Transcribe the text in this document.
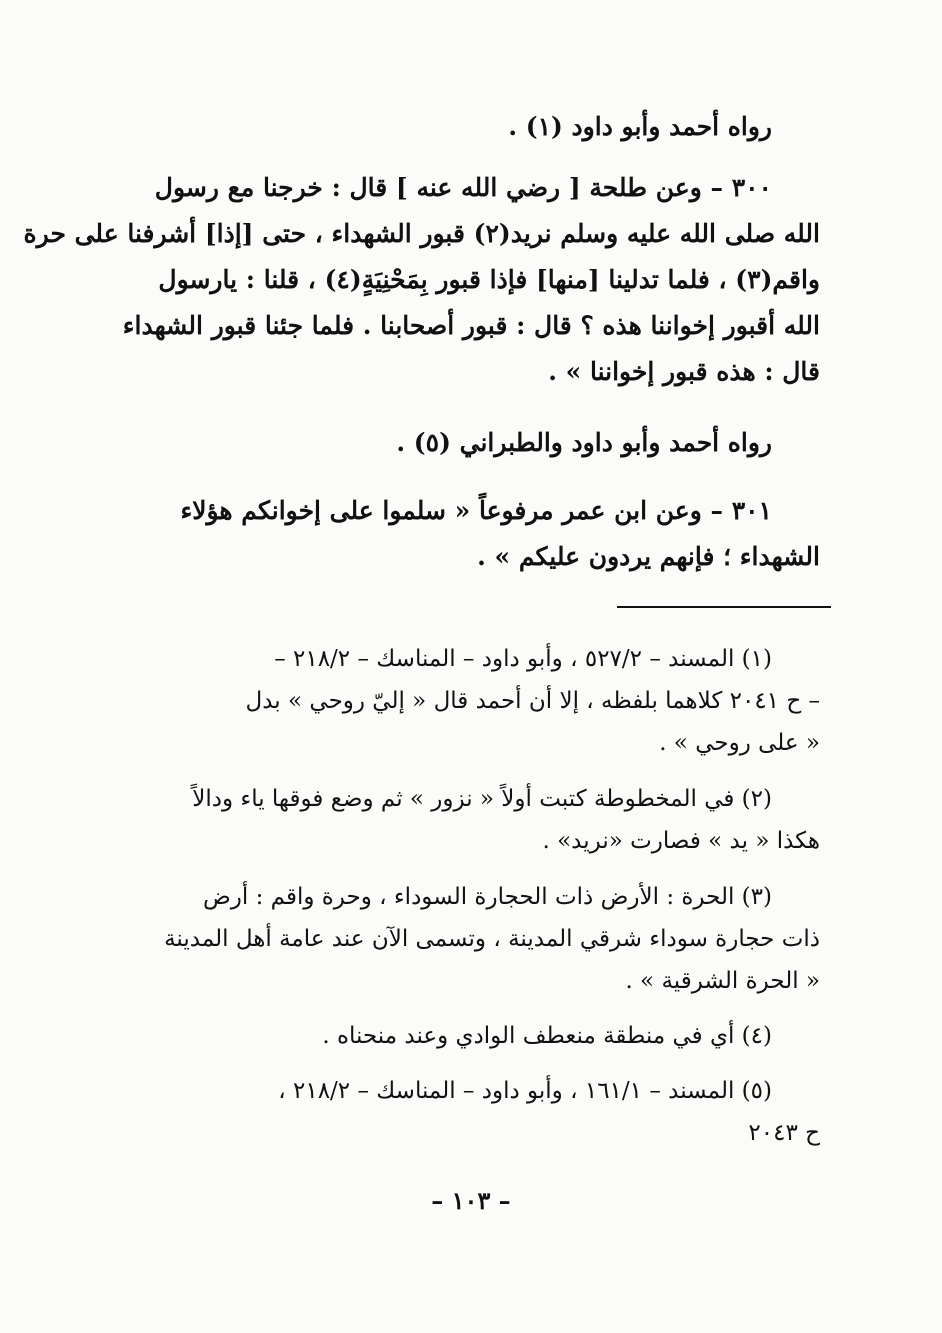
رواه أحمد وأبو داود (١) .

٣٠٠ – وعن طلحة [ رضي الله عنه ] قال : خرجنا مع رسول
الله صلى الله عليه وسلم نريد(٢) قبور الشهداء ، حتى [إذا] أشرفنا على حرة
واقم(٣) ، فلما تدلينا [منها] فإذا قبور بِمَحْنِيَةٍ(٤) ، قلنا : يارسول
الله أقبور إخواننا هذه ؟ قال : قبور أصحابنا . فلما جئنا قبور الشهداء
قال : هذه قبور إخواننا » .

رواه أحمد وأبو داود والطبراني (٥) .

٣٠١ – وعن ابن عمر مرفوعاً « سلموا على إخوانكم هؤلاء
الشهداء ؛ فإنهم يردون عليكم » .

(١) المسند – ٥٢٧/٢ ، وأبو داود – المناسك – ٢١٨/٢ –
– ح ٢٠٤١ كلاهما بلفظه ، إلا أن أحمد قال « إليّ روحي » بدل
« على روحي » .

(٢) في المخطوطة كتبت أولاً « نزور » ثم وضع فوقها ياء ودالاً
هكذا « يد » فصارت «نريد» .

(٣) الحرة : الأرض ذات الحجارة السوداء ، وحرة واقم : أرض
ذات حجارة سوداء شرقي المدينة ، وتسمى الآن عند عامة أهل المدينة
« الحرة الشرقية » .

(٤) أي في منطقة منعطف الوادي وعند منحناه .

(٥) المسند – ١٦١/١ ، وأبو داود – المناسك – ٢١٨/٢ ،
ح ٢٠٤٣

– ١٠٣ –
